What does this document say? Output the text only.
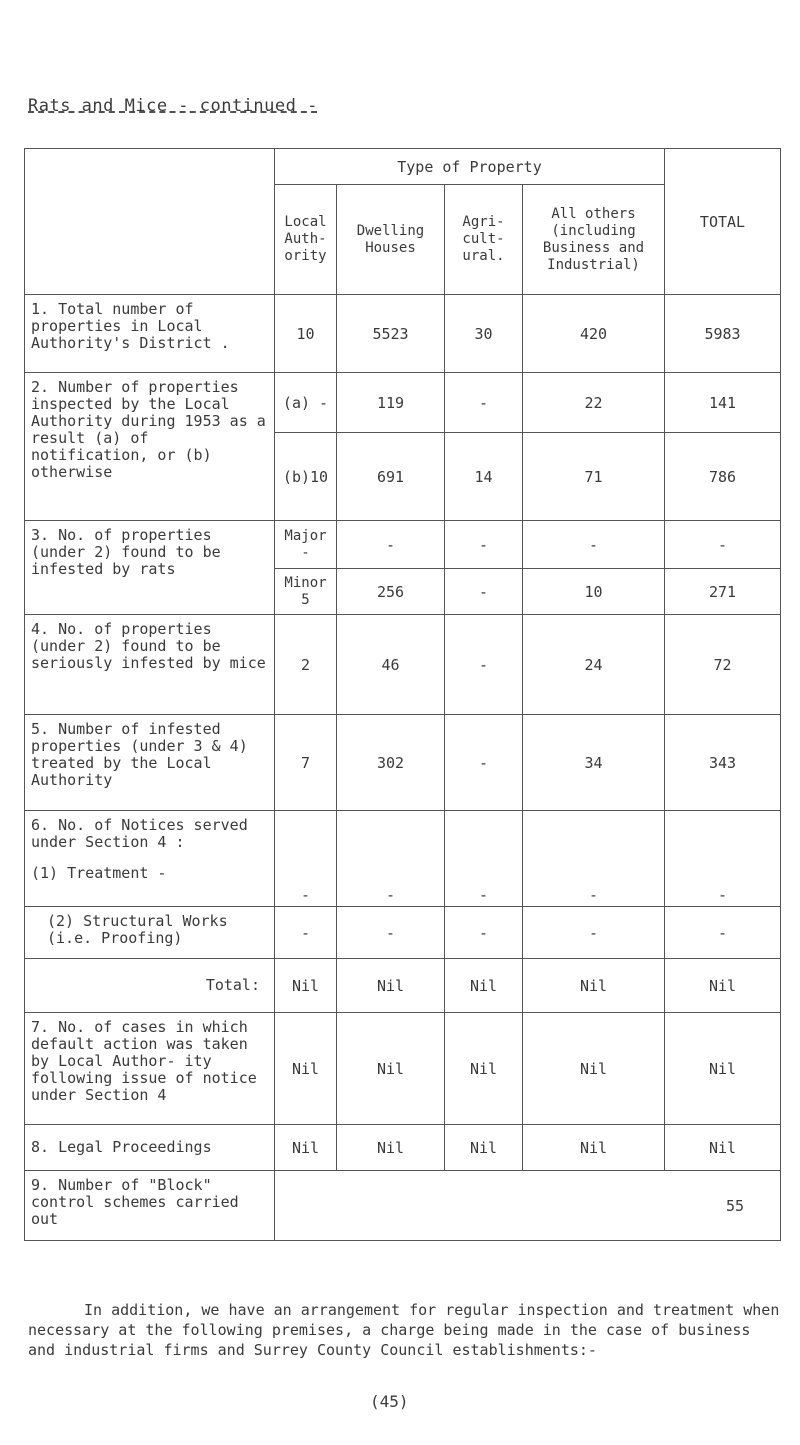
Rats and Mice - continued -
	Type of Property				TOTAL
	Local Auth- ority	Dwelling Houses	Agri- cult- ural.	All others (including Business and Industrial)	
1. Total number of properties in Local Authority's District .	10	5523	30	420	5983
2. Number of properties inspected by the Local Authority during 1953 as a result (a) of notification, or (b) otherwise	(a) -	119	-	22	141
	(b)10	691	14	71	786
3. No. of properties (under 2) found to be infested by rats	Major -	-	-	-	-
	Minor 5	256	-	10	271
4. No. of properties (under 2) found to be seriously infested by mice	2	46	-	24	72
5. Number of infested properties (under 3 & 4) treated by the Local Authority	7	302	-	34	343

6. No. of Notices served under Section 4 :
(1) Treatment -	-	-	-	-	-
(2) Structural Works (i.e. Proofing)	-	-	-	-	-
Total:	Nil	Nil	Nil	Nil	Nil
7. No. of cases in which default action was taken by Local Author- ity following issue of notice under Section 4	Nil	Nil	Nil	Nil	Nil
8. Legal Proceedings	Nil	Nil	Nil	Nil	Nil
9. Number of "Block" control schemes carried out	55				
In addition, we have an arrangement for regular inspection and treatment when necessary at the following premises, a charge being made in the case of business and industrial firms and Surrey County Council establishments:-
(45)
